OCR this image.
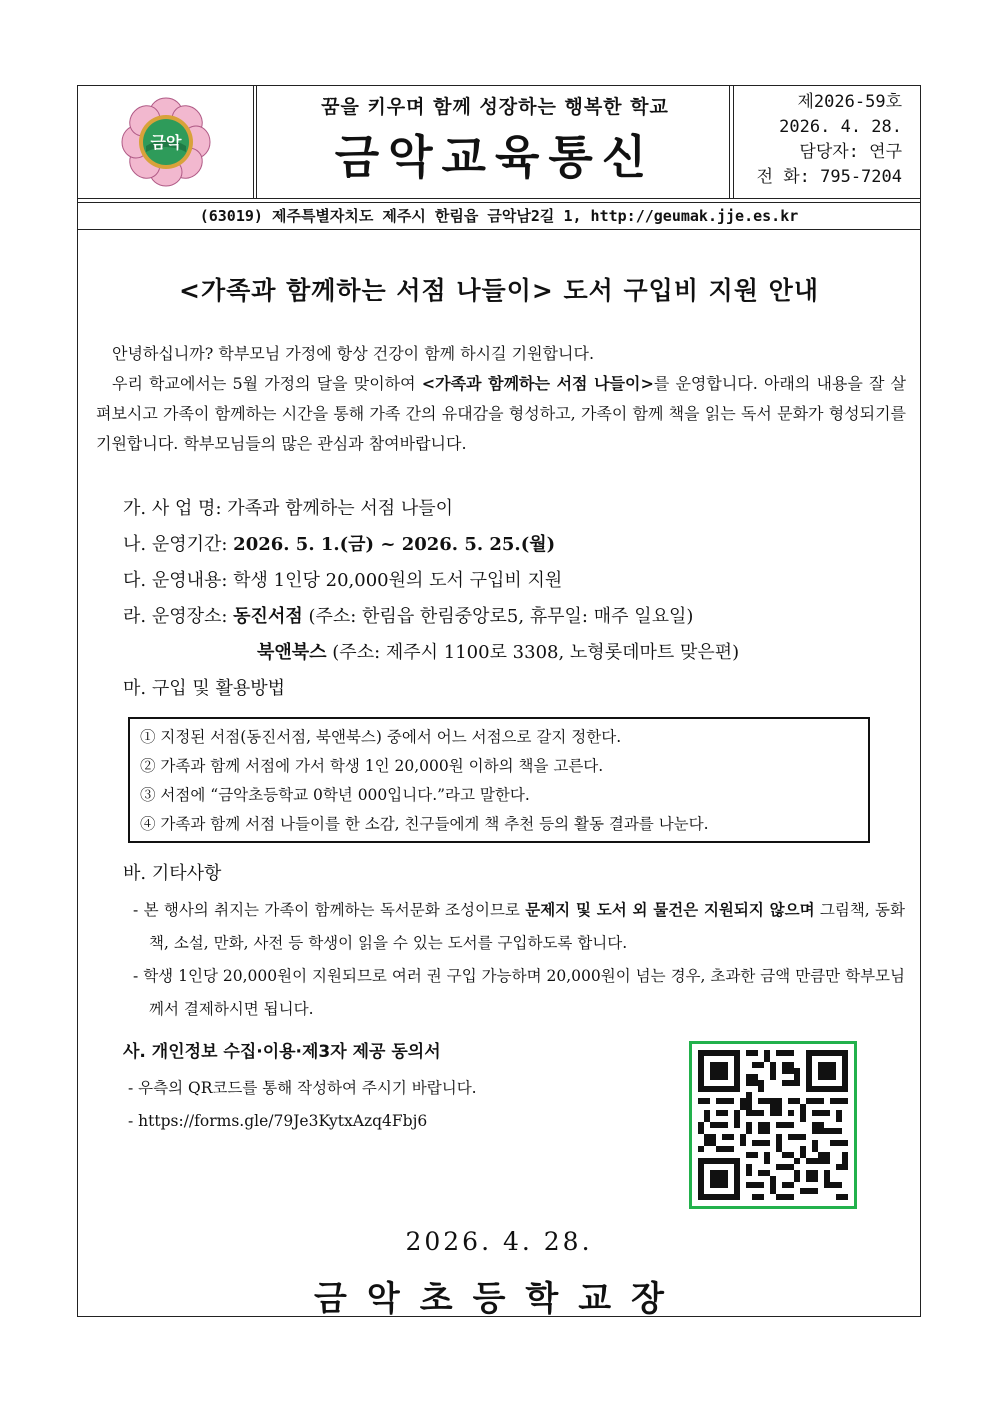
금악
꿈을 키우며 함께 성장하는 행복한 학교
금악교육통신
제2026-59호
2026. 4. 28.
담당자: 연구
전 화: 795-7204
(63019) 제주특별자치도 제주시 한림읍 금악남2길 1, http://geumak.jje.es.kr
<가족과 함께하는 서점 나들이> 도서 구입비 지원 안내

안녕하십니까? 학부모님 가정에 항상 건강이 함께 하시길 기원합니다.

우리 학교에서는 5월 가정의 달을 맞이하여 <가족과 함께하는 서점 나들이>를 운영합니다. 아래의 내용을 잘 살펴보시고 가족이 함께하는 시간을 통해 가족 간의 유대감을 형성하고, 가족이 함께 책을 읽는 독서 문화가 형성되기를 기원합니다. 학부모님들의 많은 관심과 참여바랍니다.

가. 사 업 명: 가족과 함께하는 서점 나들이
나. 운영기간: 2026. 5. 1.(금) ~ 2026. 5. 25.(월)
다. 운영내용: 학생 1인당 20,000원의 도서 구입비 지원
라. 운영장소: 동진서점 (주소: 한림읍 한림중앙로5, 휴무일: 매주 일요일)
북앤북스 (주소: 제주시 1100로 3308, 노형롯데마트 맞은편)
마. 구입 및 활용방법
① 지정된 서점(동진서점, 북앤북스) 중에서 어느 서점으로 갈지 정한다.
② 가족과 함께 서점에 가서 학생 1인 20,000원 이하의 책을 고른다.
③ 서점에 “금악초등학교 0학년 000입니다.”라고 말한다.
④ 가족과 함께 서점 나들이를 한 소감, 친구들에게 책 추천 등의 활동 결과를 나눈다.
바. 기타사항
- 본 행사의 취지는 가족이 함께하는 독서문화 조성이므로 문제지 및 도서 외 물건은 지원되지 않으며 그림책, 동화책, 소설, 만화, 사전 등 학생이 읽을 수 있는 도서를 구입하도록 합니다.
- 학생 1인당 20,000원이 지원되므로 여러 권 구입 가능하며 20,000원이 넘는 경우, 초과한 금액 만큼만 학부모님께서 결제하시면 됩니다.
사. 개인정보 수집·이용·제3자 제공 동의서
- 우측의 QR코드를 통해 작성하여 주시기 바랍니다.
- https://forms.gle/79Je3KytxAzq4Fbj6
2026. 4. 28.
금악초등학교장
